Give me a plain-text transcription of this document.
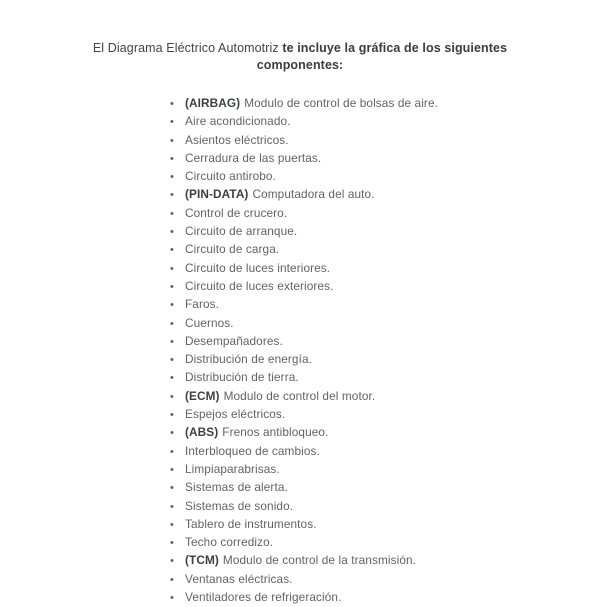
El Diagrama Eléctrico Automotriz te incluye la gráfica de los siguientes componentes:
• (AIRBAG) Modulo de control de bolsas de aire.
• Aire acondicionado.
• Asientos eléctricos.
• Cerradura de las puertas.
• Circuito antirobo.
• (PIN-DATA) Computadora del auto.
• Control de crucero.
• Circuito de arranque.
• Circuito de carga.
• Circuito de luces interiores.
• Circuito de luces exteriores.
• Faros.
• Cuernos.
• Desempañadores.
• Distribución de energía.
• Distribución de tierra.
• (ECM) Modulo de control del motor.
• Espejos eléctricos.
• (ABS) Frenos antibloqueo.
• Interbloqueo de cambios.
• Limpiaparabrisas.
• Sistemas de alerta.
• Sistemas de sonido.
• Tablero de instrumentos.
• Techo corredizo.
• (TCM) Modulo de control de la transmisión.
• Ventanas eléctricas.
• Ventiladores de refrigeración.
